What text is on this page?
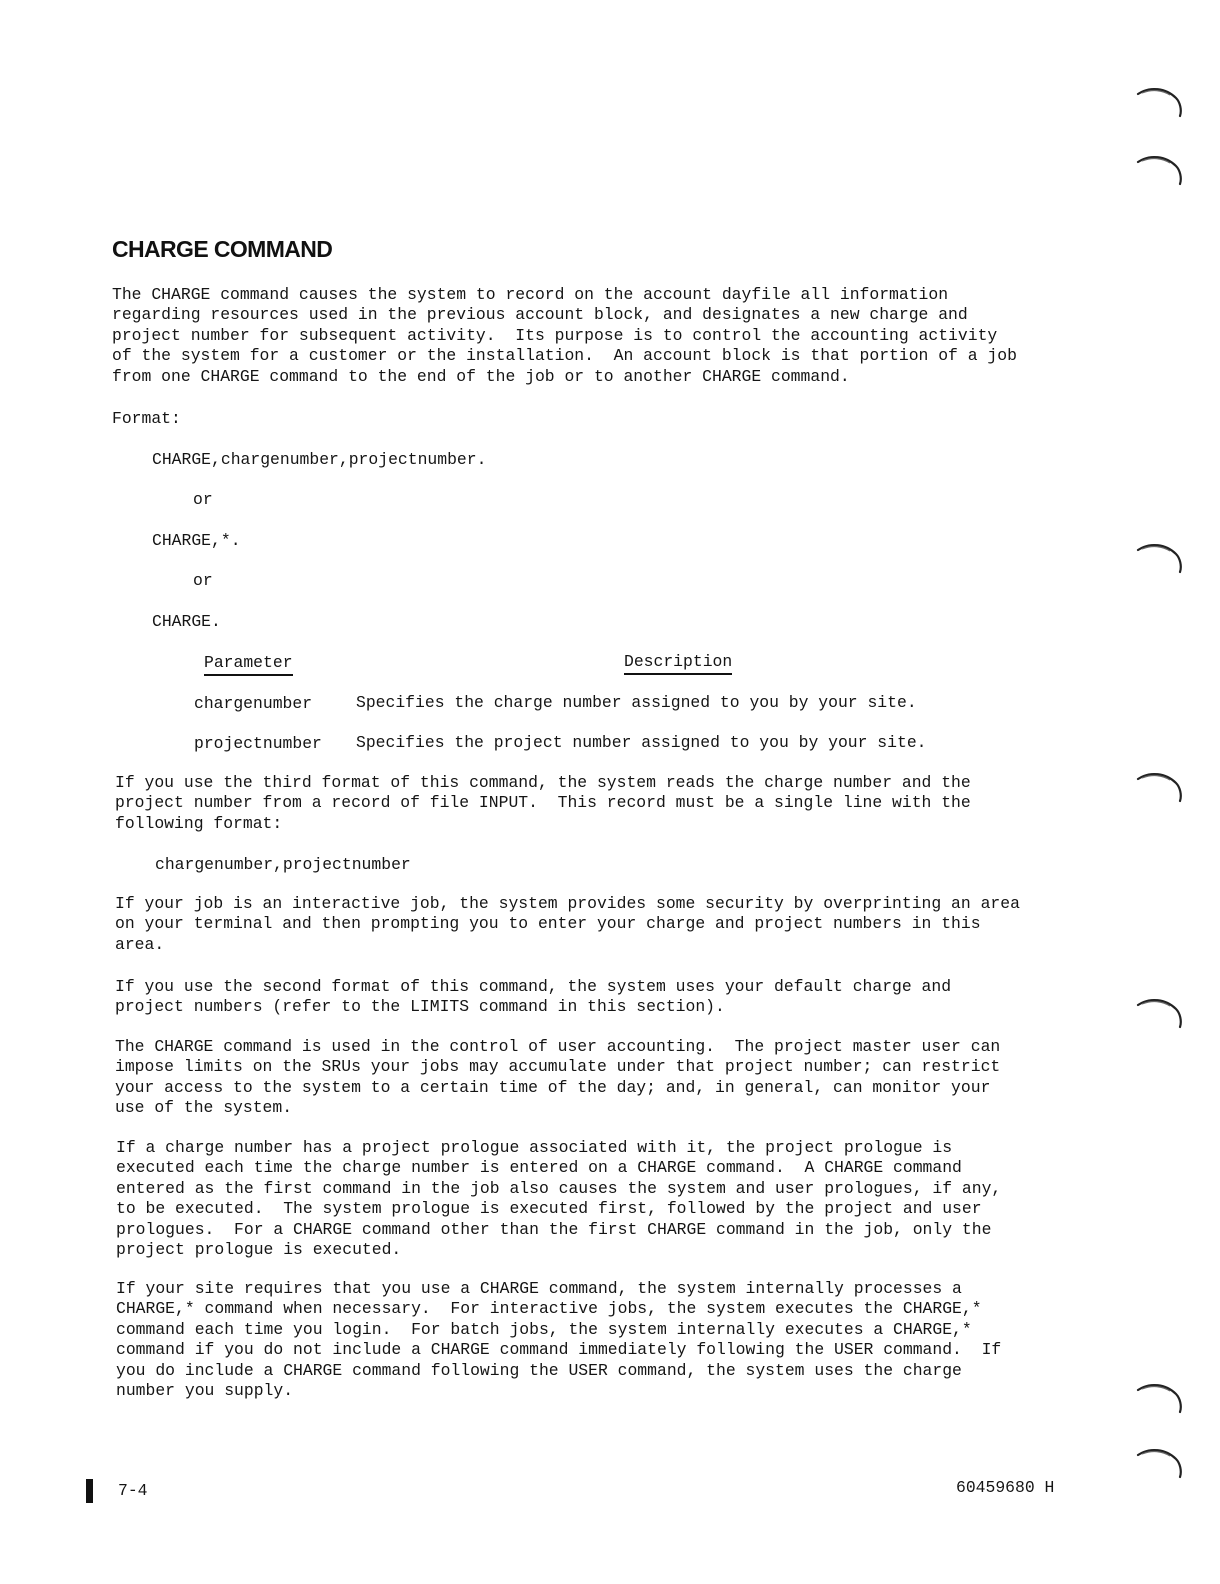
CHARGE COMMAND

The CHARGE command causes the system to record on the account dayfile all information
regarding resources used in the previous account block, and designates a new charge and
project number for subsequent activity.  Its purpose is to control the accounting activity
of the system for a customer or the installation.  An account block is that portion of a job
from one CHARGE command to the end of the job or to another CHARGE command.

Format:

CHARGE,chargenumber,projectnumber.

or

CHARGE,*.

or

CHARGE.

Parameter	Description
chargenumber	Specifies the charge number assigned to you by your site.
projectnumber Specifies the project number assigned to you by your site.

If you use the third format of this command, the system reads the charge number and the
project number from a record of file INPUT.  This record must be a single line with the
following format:

chargenumber,projectnumber

If your job is an interactive job, the system provides some security by overprinting an area
on your terminal and then prompting you to enter your charge and project numbers in this
area.

If you use the second format of this command, the system uses your default charge and
project numbers (refer to the LIMITS command in this section).

The CHARGE command is used in the control of user accounting.  The project master user can
impose limits on the SRUs your jobs may accumulate under that project number; can restrict
your access to the system to a certain time of the day; and, in general, can monitor your
use of the system.

If a charge number has a project prologue associated with it, the project prologue is
executed each time the charge number is entered on a CHARGE command.  A CHARGE command
entered as the first command in the job also causes the system and user prologues, if any,
to be executed.  The system prologue is executed first, followed by the project and user
prologues.  For a CHARGE command other than the first CHARGE command in the job, only the
project prologue is executed.

If your site requires that you use a CHARGE command, the system internally processes a
CHARGE,* command when necessary.  For interactive jobs, the system executes the CHARGE,*
command each time you login.  For batch jobs, the system internally executes a CHARGE,*
command if you do not include a CHARGE command immediately following the USER command.  If
you do include a CHARGE command following the USER command, the system uses the charge
number you supply.

7-4	60459680 H
